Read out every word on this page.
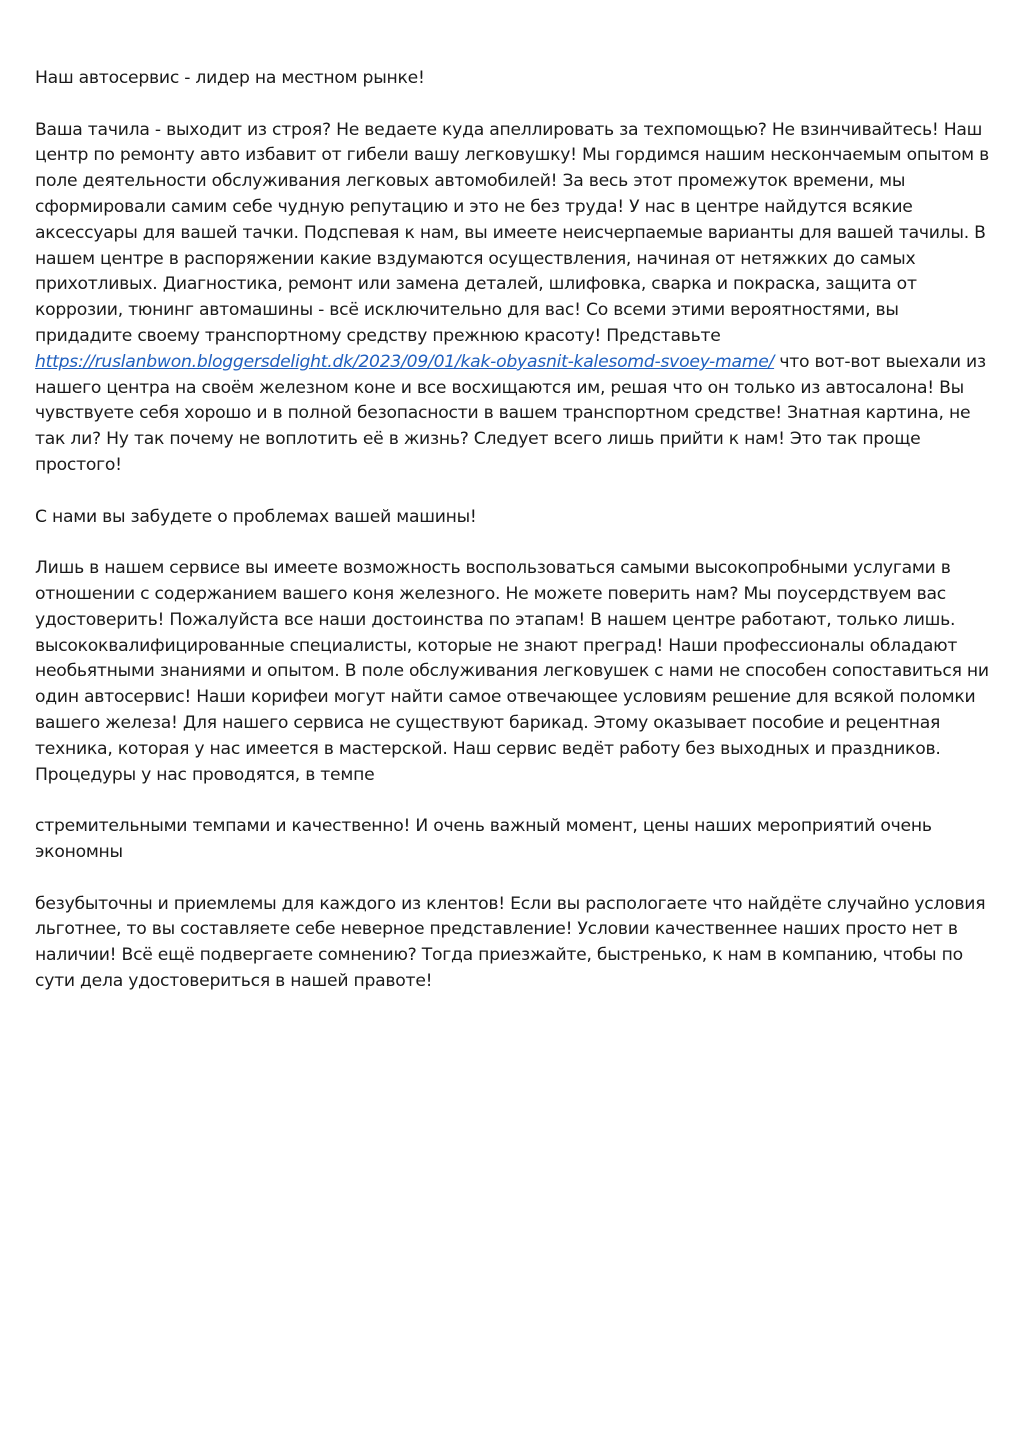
Наш автосервис - лидер на местном рынке!

Ваша тачила - выходит из строя? Не ведаете куда апеллировать за техпомощью? Не взинчивайтесь! Наш центр по ремонту авто избавит от гибели вашу легковушку! Мы гордимся нашим нескончаемым опытом в поле деятельности обслуживания легковых автомобилей! За весь этот промежуток времени, мы сформировали самим себе чудную репутацию и это не без труда! У нас в центре найдутся всякие аксессуары для вашей тачки. Подспевая к нам, вы имеете неисчерпаемые варианты для вашей тачилы. В нашем центре в распоряжении какие вздумаются осуществления, начиная от нетяжких до самых прихотливых. Диагностика, ремонт или замена деталей, шлифовка, сварка и покраска, защита от коррозии, тюнинг автомашины - всё исключительно для вас! Со всеми этими вероятностями, вы придадите своему транспортному средству прежнюю красоту! Представьте
https://ruslanbwon.bloggersdelight.dk/2023/09/01/kak-obyasnit-kalesomd-svoey-mame/ что вот-вот выехали из нашего центра на своём железном коне и все восхищаются им, решая что он только из автосалона! Вы чувствуете себя хорошо и в полной безопасности в вашем транспортном средстве! Знатная картина, не так ли? Ну так почему не воплотить её в жизнь? Следует всего лишь прийти к нам! Это так проще простого!

С нами вы забудете о проблемах вашей машины!

Лишь в нашем сервисе вы имеете возможность воспользоваться самыми высокопробными услугами в отношении с содержанием вашего коня железного. Не можете поверить нам? Мы поусердствуем вас удостоверить! Пожалуйста все наши достоинства по этапам! В нашем центре работают, только лишь. высококвалифицированные специалисты, которые не знают преград! Наши профессионалы обладают необьятными знаниями и опытом. В поле обслуживания легковушек с нами не способен сопоставиться ни один автосервис! Наши корифеи могут найти самое отвечающее условиям решение для всякой поломки вашего железа! Для нашего сервиса не существуют барикад. Этому оказывает пособие и рецентная техника, которая у нас имеется в мастерской. Наш сервис ведёт работу без выходных и праздников. Процедуры у нас проводятся, в темпе

стремительными темпами и качественно! И очень важный момент, цены наших мероприятий очень экономны

безубыточны и приемлемы для каждого из клентов! Если вы распологаете что найдёте случайно условия льготнее, то вы составляете себе неверное представление! Условии качественнее наших просто нет в наличии! Всё ещё подвергаете сомнению? Тогда приезжайте, быстренько, к нам в компанию, чтобы по сути дела удостовериться в нашей правоте!
